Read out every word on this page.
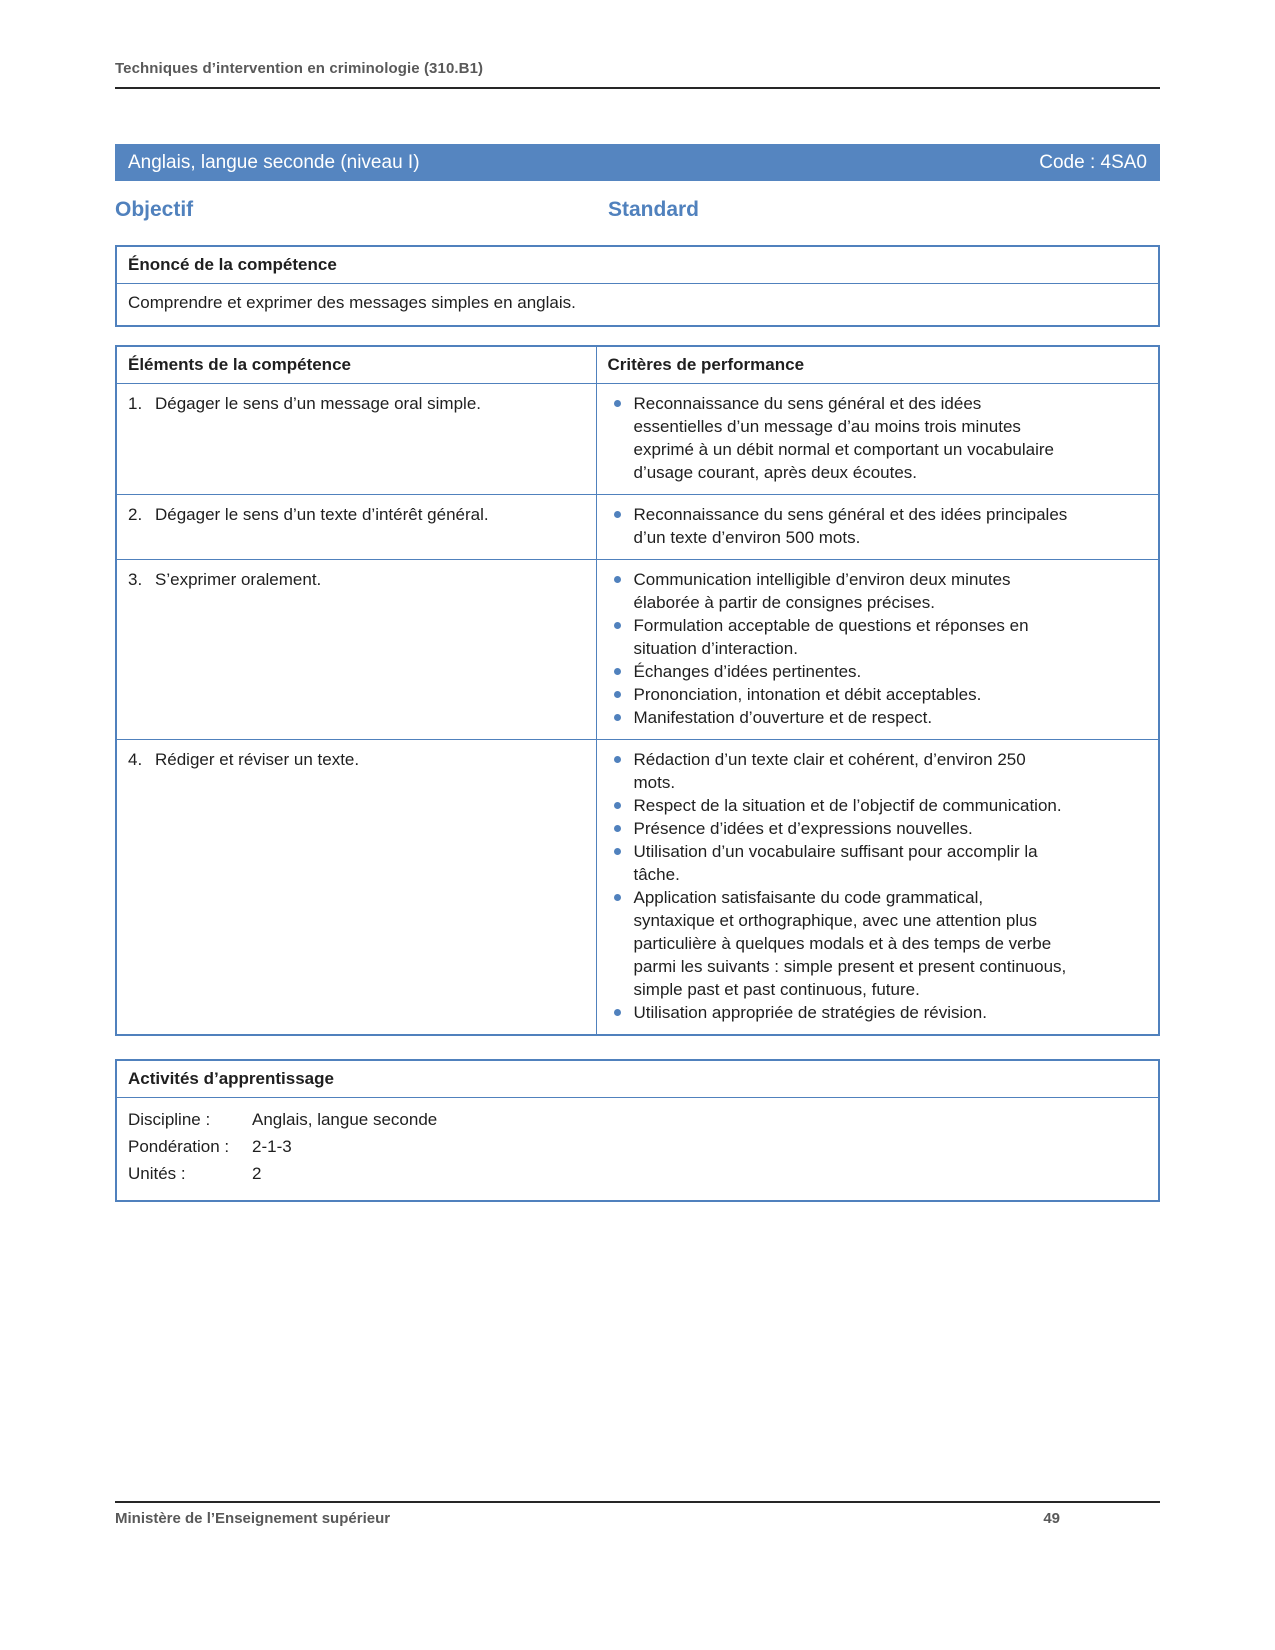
Techniques d’intervention en criminologie (310.B1)
Anglais, langue seconde (niveau I)	Code : 4SA0
Objectif	Standard
Énoncé de la compétence
Comprendre et exprimer des messages simples en anglais.
Éléments de la compétence	Critères de performance

1. Dégager le sens d’un message oral simple.	Reconnaissance du sens général et des idées essentielles d’un message d’au moins trois minutes exprimé à un débit normal et comportant un vocabulaire d’usage courant, après deux écoutes.

2. Dégager le sens d’un texte d’intérêt général.	Reconnaissance du sens général et des idées principales d’un texte d’environ 500 mots.

3. S’exprimer oralement.	Communication intelligible d’environ deux minutes élaborée à partir de consignes précises.
Formulation acceptable de questions et réponses en situation d’interaction.
Échanges d’idées pertinentes.
Prononciation, intonation et débit acceptables.
Manifestation d’ouverture et de respect.

4. Rédiger et réviser un texte.	Rédaction d’un texte clair et cohérent, d’environ 250 mots.
Respect de la situation et de l’objectif de communication.
Présence d’idées et d’expressions nouvelles.
Utilisation d’un vocabulaire suffisant pour accomplir la tâche.
Application satisfaisante du code grammatical, syntaxique et orthographique, avec une attention plus particulière à quelques modals et à des temps de verbe parmi les suivants : simple present et present continuous, simple past et past continuous, future.
Utilisation appropriée de stratégies de révision.
Activités d’apprentissage
Discipline :	Anglais, langue seconde
Pondération :	2-1-3
Unités :	2
Ministère de l’Enseignement supérieur	49
